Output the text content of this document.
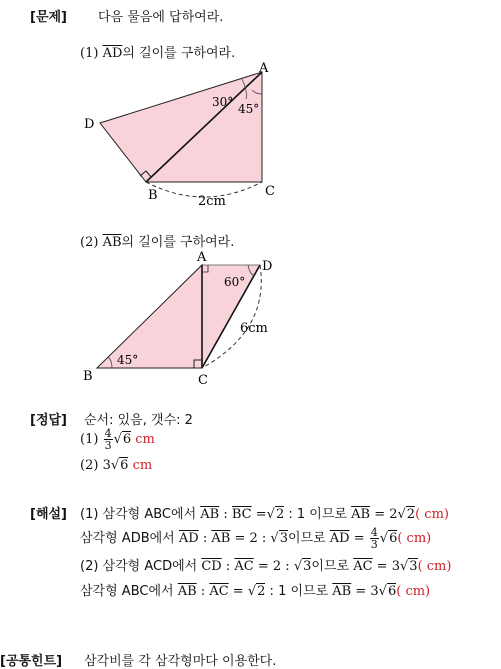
[문제] 다음 물음에 답하여라.
(1) $\overline{AD}$의 길이를 구하여라.
A
D
B	C
30° 45°
2cm
A
D
B	C
60°
45°
6cm
(2) $\overline{AB}$의 길이를 구하여라.
[정답] 순서: 있음, 갯수: 2
$(1) \frac{4}{3} √6$ cm
(2) 3√6 cm
[해설] (1) 삼각형 ABC에서 $\overline{AB}$ : $\overline{BC} =√2$ : 1 이므로 $\overline{AB} = 2√2$( cm)
삼각형 ADB에서 $\overline{AD}$ : $\overline{AB} = 2$ : √3이므로 $\overline{AD} = \frac{4}{3} √6$( cm)
(2) 삼각형 ACD에서 $\overline{CD}$ : $\overline{AC} = 2$ : √3이므로 $\overline{AC} = 3√3$( cm)
삼각형 ABC에서 $\overline{AB}$ : $\overline{AC} = √2$ : 1 이므로 $\overline{AB} = 3√6$( cm)
[공통힌트] 삼각비를 각 삼각형마다 이용한다.
